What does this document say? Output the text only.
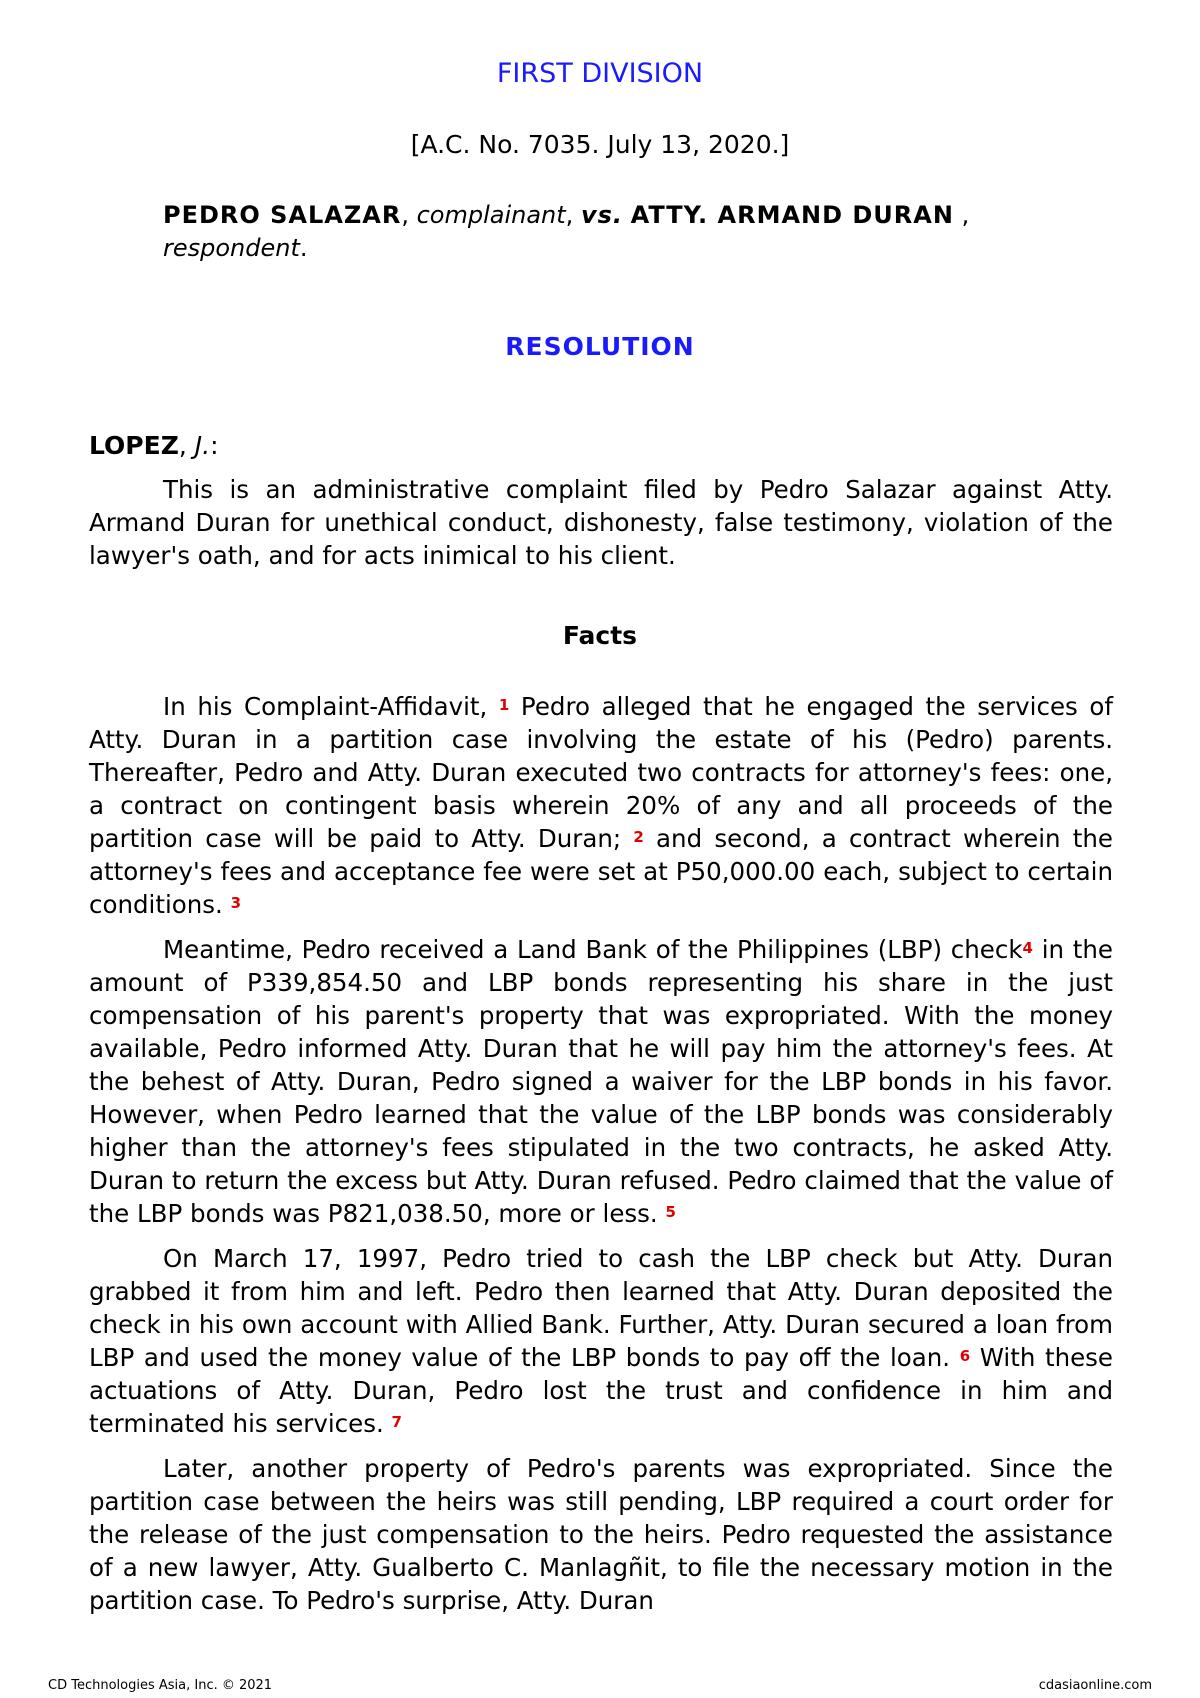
FIRST DIVISION

[A.C. No. 7035. July 13, 2020.]

PEDRO SALAZAR, complainant, vs. ATTY. ARMAND DURAN , respondent.

RESOLUTION

LOPEZ, J.:

This is an administrative complaint filed by Pedro Salazar against Atty. Armand Duran for unethical conduct, dishonesty, false testimony, violation of the lawyer's oath, and for acts inimical to his client.

Facts

In his Complaint-Affidavit, $^1$ Pedro alleged that he engaged the services of Atty. Duran in a partition case involving the estate of his (Pedro) parents. Thereafter, Pedro and Atty. Duran executed two contracts for attorney's fees: one, a contract on contingent basis wherein 20% of any and all proceeds of the partition case will be paid to Atty. Duran; $^2$ and second, a contract wherein the attorney's fees and acceptance fee were set at P50,000.00 each, subject to certain conditions. $^3$

Meantime, Pedro received a Land Bank of the Philippines (LBP) check$^4$ in the amount of P339,854.50 and LBP bonds representing his share in the just compensation of his parent's property that was expropriated. With the money available, Pedro informed Atty. Duran that he will pay him the attorney's fees. At the behest of Atty. Duran, Pedro signed a waiver for the LBP bonds in his favor. However, when Pedro learned that the value of the LBP bonds was considerably higher than the attorney's fees stipulated in the two contracts, he asked Atty. Duran to return the excess but Atty. Duran refused. Pedro claimed that the value of the LBP bonds was P821,038.50, more or less. $^5$

On March 17, 1997, Pedro tried to cash the LBP check but Atty. Duran grabbed it from him and left. Pedro then learned that Atty. Duran deposited the check in his own account with Allied Bank. Further, Atty. Duran secured a loan from LBP and used the money value of the LBP bonds to pay off the loan. $^6$ With these actuations of Atty. Duran, Pedro lost the trust and confidence in him and terminated his services. $^7$

Later, another property of Pedro's parents was expropriated. Since the partition case between the heirs was still pending, LBP required a court order for the release of the just compensation to the heirs. Pedro requested the assistance of a new lawyer, Atty. Gualberto C. Manlagñit, to file the necessary motion in the partition case. To Pedro's surprise, Atty. Duran

CD Technologies Asia, Inc. © 2021	cdasiaonline.com
